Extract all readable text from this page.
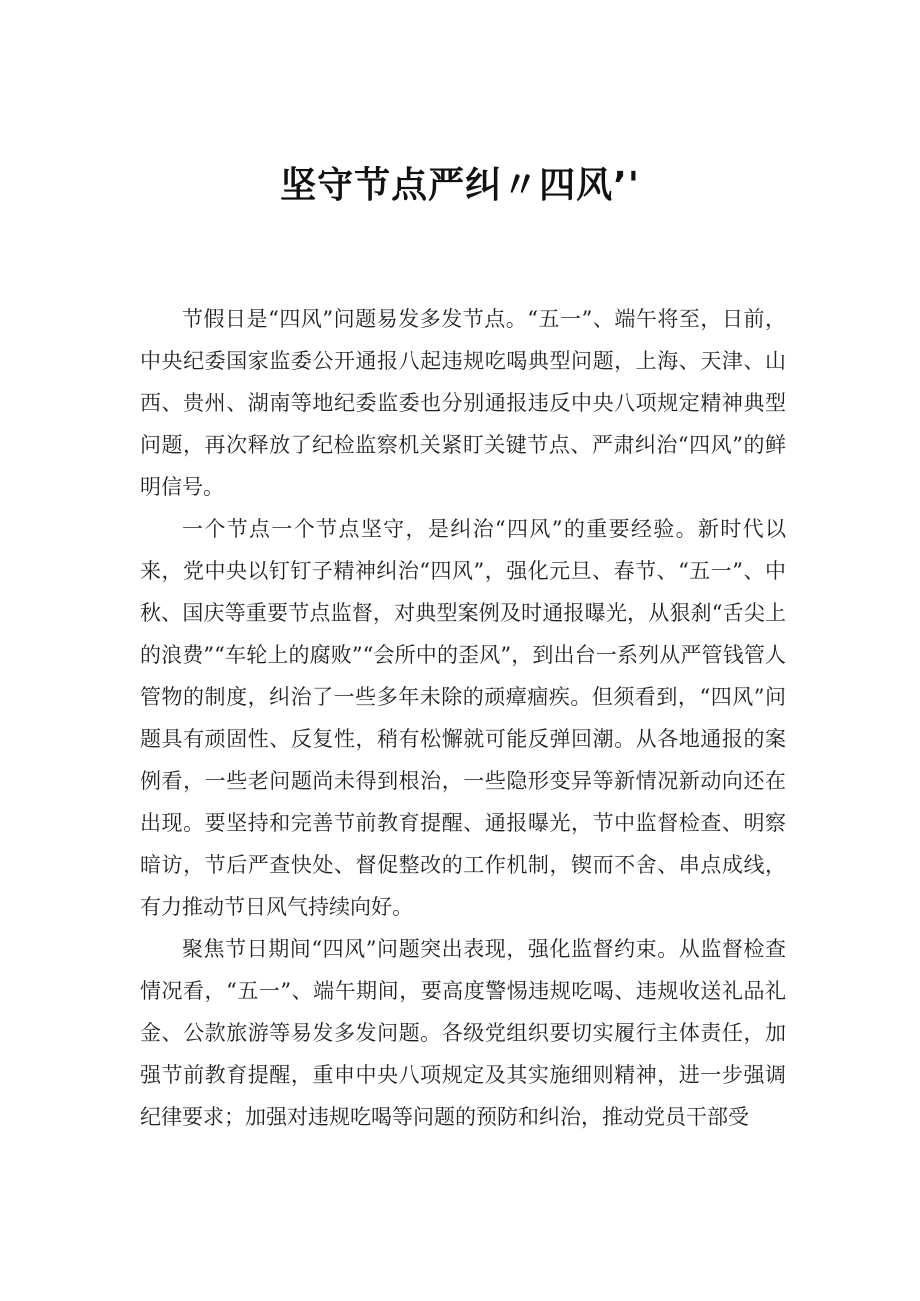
坚守节点严纠〃四风’'

节假日是“四风”问题易发多发节点。“五一”、端午将至，日前，中央纪委国家监委公开通报八起违规吃喝典型问题，上海、天津、山西、贵州、湖南等地纪委监委也分别通报违反中央八项规定精神典型问题，再次释放了纪检监察机关紧盯关键节点、严肃纠治“四风”的鲜明信号。

一个节点一个节点坚守，是纠治“四风”的重要经验。新时代以来，党中央以钉钉子精神纠治“四风”，强化元旦、春节、“五一”、中秋、国庆等重要节点监督，对典型案例及时通报曝光，从狠刹“舌尖上的浪费”“车轮上的腐败”“会所中的歪风”，到出台一系列从严管钱管人管物的制度，纠治了一些多年未除的顽瘴痼疾。但须看到，“四风”问题具有顽固性、反复性，稍有松懈就可能反弹回潮。从各地通报的案例看，一些老问题尚未得到根治，一些隐形变异等新情况新动向还在出现。要坚持和完善节前教育提醒、通报曝光，节中监督检查、明察暗访，节后严查快处、督促整改的工作机制，锲而不舍、串点成线，有力推动节日风气持续向好。

聚焦节日期间“四风”问题突出表现，强化监督约束。从监督检查情况看，“五一”、端午期间，要高度警惕违规吃喝、违规收送礼品礼金、公款旅游等易发多发问题。各级党组织要切实履行主体责任，加强节前教育提醒，重申中央八项规定及其实施细则精神，进一步强调纪律要求；加强对违规吃喝等问题的预防和纠治，推动党员干部受
